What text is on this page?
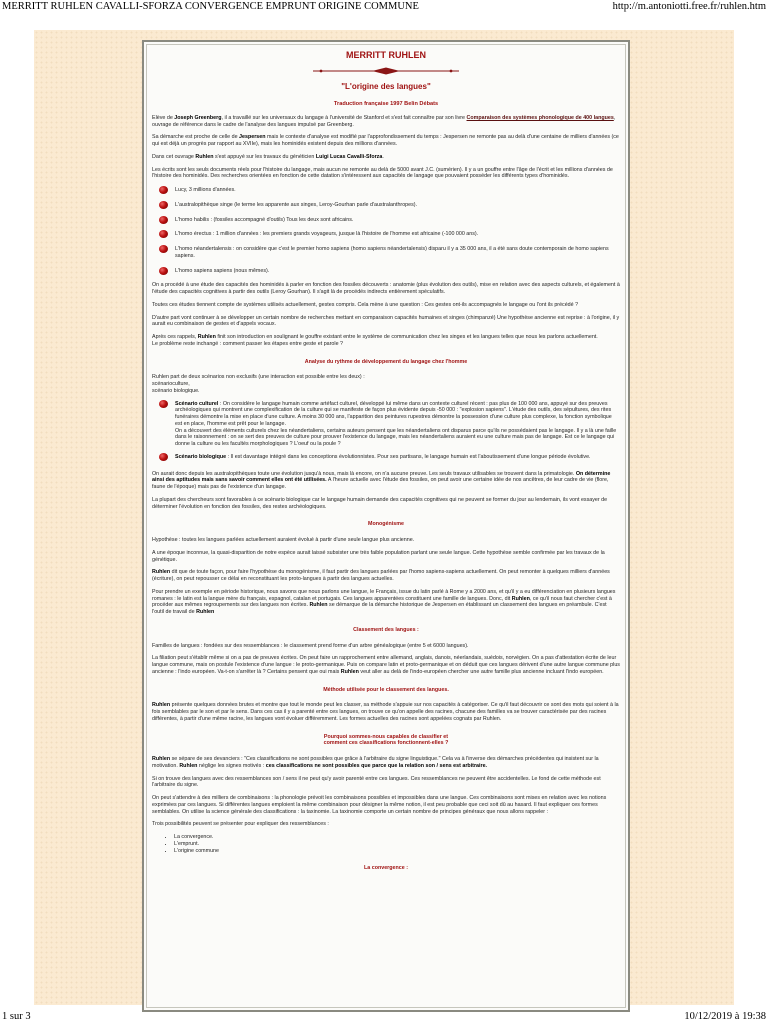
MERRITT RUHLEN CAVALLI-SFORZA CONVERGENCE EMPRUNT ORIGINE COMMUNE	http://m.antoniotti.free.fr/ruhlen.htm
MERRITT RUHLEN
"L'origine des langues"
Traduction française 1997 Belin Débats

Elève de Joseph Greenberg, il a travaillé sur les universaux du langage à l'université de Stanford et s'est fait connaître par son livre Comparaison des systèmes phonologique de 400 langues, ouvrage de référence dans le cadre de l'analyse des langues impulsé par Greenberg.

Sa démarche est proche de celle de Jespersen mais le contexte d'analyse est modifié par l'approfondissement du temps : Jespersen ne remonte pas au delà d'une centaine de milliers d'années (ce qui est déjà un progrès par rapport au XVIIe), mais les hominidés existent depuis des millions d'années.

Dans cet ouvrage Ruhlen s'est appuyé sur les travaux du généticien Luigi Lucas Cavalli-Sforza.

Les écrits sont les seuls documents réels pour l'histoire du langage, mais aucun ne remonte au delà de 5000 avant J.C. (sumérien). Il y a un gouffre entre l'âge de l'écrit et les millions d'années de l'histoire des hominidés. Des recherches orientées en fonction de cette datation s'intéressent aux capacités de langage que pouvaient posséder les différents types d'hominidés.

Lucy, 3 millions d'années.
L'australopithèque singe (le terme les apparente aux singes, Leroy-Gourhan parle d'australanthropes).
L'homo habilis : (fossiles accompagné d'outils) Tous les deux sont africains.
L'homo érectus : 1 million d'années : les premiers grands voyageurs, jusque là l'histoire de l'homme est africaine (-100 000 ans).
L'homo néandertalensis : on considère que c'est le premier homo sapiens (homo sapiens néandertalensis) disparu il y a 35 000 ans, il a été sans doute contemporain de homo sapiens sapiens.
L'homo sapiens sapiens (nous mêmes).

On a procédé à une étude des capacités des hominidés à parler en fonction des fossiles découverts : anatomie (plus évolution des outils), mise en relation avec des aspects culturels, et également à l'étude des capacités cognitives à partir des outils (Leroy Gourhan). Il s'agit là de procédés indirects entièrement spéculatifs.

Toutes ces études tiennent compte de systèmes utilisés actuellement, gestes compris. Cela mène à une question : Ces gestes ont-ils accompagnés le langage ou l'ont ils précédé ?

D'autre part vont continuer à se développer un certain nombre de recherches mettant en comparaison capacités humaines et singes (chimpanzé) Une hypothèse ancienne est reprise : à l'origine, il y aurait eu combinaison de gestes et d'appels vocaux.

Après ces rappels, Ruhlen finit son introduction en soulignant le gouffre existant entre le système de communication chez les singes et les langues telles que nous les parlons actuellement.
Le problème reste inchangé : comment passer les étapes entre geste et parole ?

Analyse du rythme de développement du langage chez l'homme

Ruhlen part de deux scénarios non exclusifs (une interaction est possible entre les deux) :
scénarioculture,
scénario biologique.

Scénario culturel : On considère le langage humain comme artéfact culturel, développé lui même dans un contexte culturel récent : pas plus de 100 000 ans, appuyé sur des preuves archéologiques qui montrent une complexification de la culture qui se manifeste de façon plus évidente depuis -50 000 : "explosion sapiens". L'étude des outils, des sépultures, des rites funéraires démontre la mise en place d'une culture. A moins 30 000 ans, l'apparition des peintures rupestres démontre la possession d'une culture plus complexe, la fonction symbolique est en place, l'homme est prêt pour le langage.
On a découvert des éléments culturels chez les néandertaliens, certains auteurs pensent que les néandertaliens ont disparus parce qu'ils ne possédaient pas le langage. Il y a là une faille dans le raisonnement : on se sert des preuves de culture pour prouver l'existence du langage, mais les néandertaliens auraient eu une culture mais pas de langage. Est ce le langage qui donne la culture ou les facultés morphologiques ? L'oeuf ou la poule ?
Scénario biologique : Il est davantage intégré dans les conceptions évolutionnistes. Pour ses partisans, le langage humain est l'aboutissement d'une longue période évolutive.

On aurait donc depuis les australopithèques toute une évolution jusqu'à nous, mais là encore, on n'a aucune preuve. Les seuls travaux utilisables se trouvent dans la primatologie. On détermine ainsi des aptitudes mais sans savoir comment elles ont été utilisées. A l'heure actuelle avec l'étude des fossiles, on peut avoir une certaine idée de nos ancêtres, de leur cadre de vie (flore, faune de l'époque) mais pas de l'existence d'un langage.

La plupart des chercheurs sont favorables à ce scénario biologique car le langage humain demande des capacités cognitives qui ne peuvent se former du jour au lendemain, ils vont essayer de déterminer l'évolution en fonction des fossiles, des restes archéologiques.

Monogénisme

Hypothèse : toutes les langues parlées actuellement auraient évolué à partir d'une seule langue plus ancienne.

A une époque inconnue, la quasi-disparition de notre espèce aurait laissé subsister une très faible population parlant une seule langue. Cette hypothèse semble confirmée par les travaux de la génétique.

Ruhlen dit que de toute façon, pour faire l'hypothèse du monogénisme, il faut partir des langues parlées par l'homo sapiens-sapiens actuellement. On peut remonter à quelques milliers d'années (écriture), on peut repousser ce délai en reconstituant les proto-langues à partir des langues actuelles.

Pour prendre un exemple en période historique, nous savons que nous parlons une langue, le Français, issue du latin parlé à Rome y a 2000 ans, et qu'il y a eu différenciation en plusieurs langues romanes : le latin est la langue mère du français, espagnol, catalan et portugais. Ces langues apparentées constituent une famille de langues. Donc, dit Ruhlen, ce qu'il nous faut chercher c'est à procéder aux mêmes regroupements sur des langues non écrites. Ruhlen se démarque de la démarche historique de Jespersen en établissant un classement des langues en préambule. C'est l'outil de travail de Ruhlen

Classement des langues :

Familles de langues : fondées sur des ressemblances : le classement prend forme d'un arbre généalogique (entre 5 et 6000 langues).

La filiation peut s'établir même si on a pas de preuves écrites. On peut faire un rapprochement entre allemand, anglais, danois, néerlandais, suédois, norvégien. On a pas d'attestation écrite de leur langue commune, mais on postule l'existence d'une langue : le proto-germanique. Puis on compare latin et proto-germanique et on déduit que ces langues dérivent d'une autre langue commune plus ancienne : l'indo européen. Va-t-on s'arrêter là ? Certains pensent que oui mais Ruhlen veut aller au delà de l'indo-européen chercher une autre famille plus ancienne incluant l'indo européen.

Méthode utilisée pour le classement des langues.

Ruhlen présente quelques données brutes et montre que tout le monde peut les classer, sa méthode s'appuie sur nos capacités à catégoriser. Ce qu'il faut découvrir ce sont des mots qui soient à la fois semblables par le son et par le sens. Dans ces cas il y a parenté entre ces langues, on trouve ce qu'on appelle des racines, chacune des familles va se trouver caractérisée par des racines différentes, à partir d'une même racine, les langues vont évoluer différemment. Les formes actuelles des racines sont appelées cognats par Ruhlen.

Pourquoi sommes-nous capables de classifier et
comment ces classifications fonctionnent-elles ?

Ruhlen se sépare de ses devanciers : "Ces classifications ne sont possibles que grâce à l'arbitraire du signe linguistique." Cela va à l'inverse des démarches précédentes qui insistent sur la motivation. Ruhlen néglige les signes motivés : ces classifications ne sont possibles que parce que la relation son / sens est arbitraire.

Si on trouve des langues avec des ressemblances son / sens il ne peut qu'y avoir parenté entre ces langues. Ces ressemblances ne peuvent être accidentelles. Le fond de cette méthode est l'arbitraire du signe.

On peut s'attendre à des milliers de combinaisons : la phonologie prévoit les combinaisons possibles et impossibles dans une langue. Ces combinaisons sont mises en relation avec les notions exprimées par ces langues. Si différentes langues emploient la même combinaison pour désigner la même notion, il est peu probable que ceci soit dû au hasard. Il faut expliquer ces formes semblables. On utilise la science générale des classifications : la taxinomie. La taxinomie comporte un certain nombre de principes généraux que nous allons rappeler :

Trois possibilités peuvent se présenter pour expliquer des ressemblances :

• La convergence.
• L'emprunt.
• L'origine commune
La convergence :
1 sur 3	10/12/2019 à 19:38
